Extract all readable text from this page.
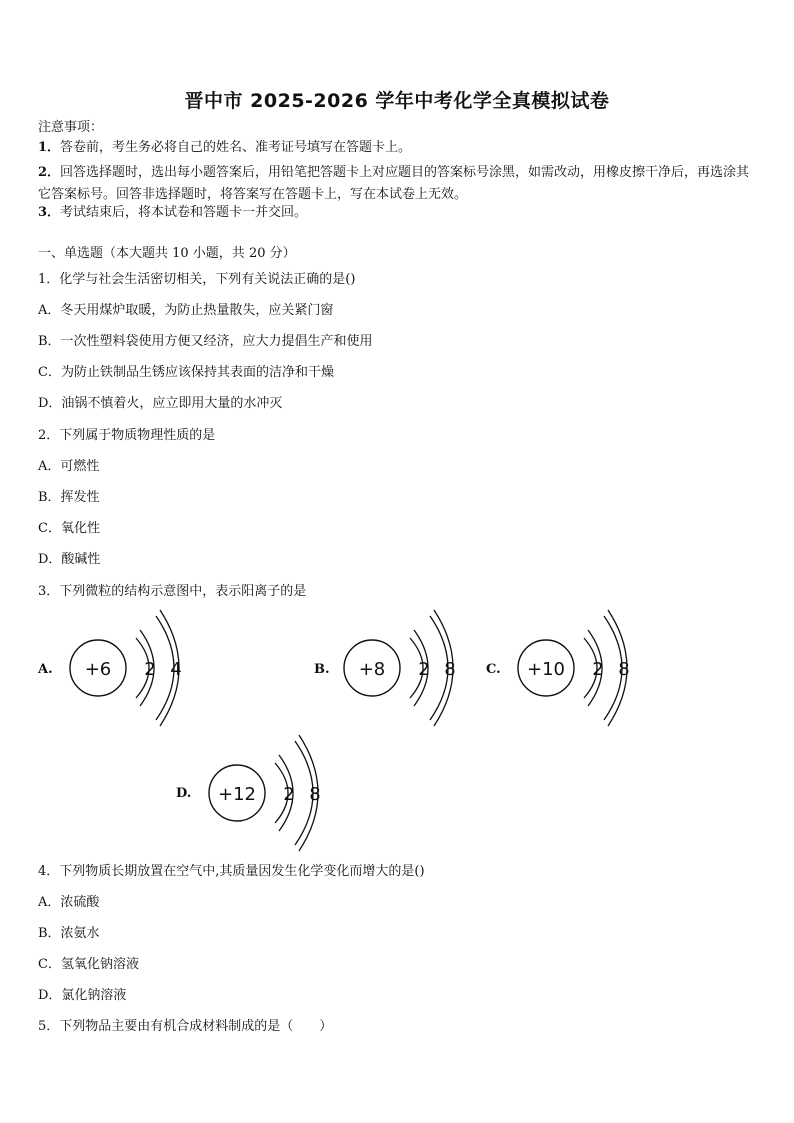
晋中市 2025-2026 学年中考化学全真模拟试卷
注意事项：
1．答卷前，考生务必将自己的姓名、准考证号填写在答题卡上。
2．回答选择题时，选出每小题答案后，用铅笔把答题卡上对应题目的答案标号涂黑，如需改动，用橡皮擦干净后，再选涂其它答案标号。回答非选择题时，将答案写在答题卡上，写在本试卷上无效。
3．考试结束后，将本试卷和答题卡一并交回。
一、单选题（本大题共 10 小题，共 20 分）
1．化学与社会生活密切相关，下列有关说法正确的是()
A．冬天用煤炉取暖，为防止热量散失，应关紧门窗
B．一次性塑料袋使用方便又经济，应大力提倡生产和使用
C．为防止铁制品生锈应该保持其表面的洁净和干燥
D．油锅不慎着火，应立即用大量的水冲灭
2．下列属于物质物理性质的是
A．可燃性
B．挥发性
C．氧化性
D．酸碱性
3．下列微粒的结构示意图中，表示阳离子的是
A. +6 2 4	B. +8 2 8 C. +10 2 8
D. +12 2 8
4．下列物质长期放置在空气中,其质量因发生化学变化而增大的是()
A．浓硫酸
B．浓氨水
C．氢氧化钠溶液
D．氯化钠溶液
5．下列物品主要由有机合成材料制成的是（　　）
